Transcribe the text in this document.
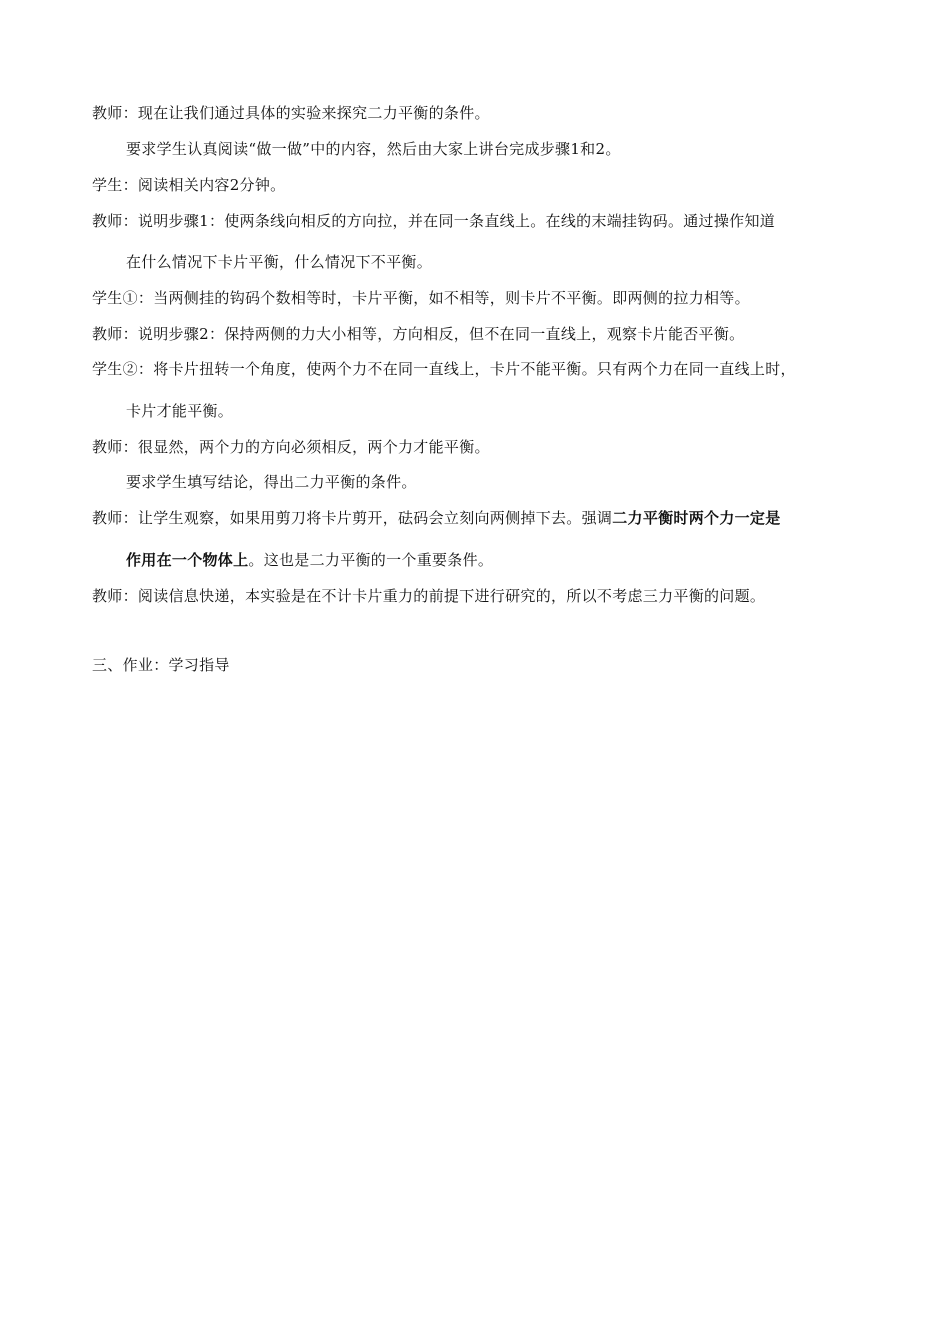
教师：现在让我们通过具体的实验来探究二力平衡的条件。
要求学生认真阅读“做一做”中的内容，然后由大家上讲台完成步骤1和2。
学生：阅读相关内容2分钟。
教师：说明步骤1：使两条线向相反的方向拉，并在同一条直线上。在线的末端挂钩码。通过操作知道
在什么情况下卡片平衡，什么情况下不平衡。
学生①：当两侧挂的钩码个数相等时，卡片平衡，如不相等，则卡片不平衡。即两侧的拉力相等。
教师：说明步骤2：保持两侧的力大小相等，方向相反，但不在同一直线上，观察卡片能否平衡。
学生②：将卡片扭转一个角度，使两个力不在同一直线上，卡片不能平衡。只有两个力在同一直线上时，
卡片才能平衡。
教师：很显然，两个力的方向必须相反，两个力才能平衡。
要求学生填写结论，得出二力平衡的条件。
教师：让学生观察，如果用剪刀将卡片剪开，砝码会立刻向两侧掉下去。强调二力平衡时两个力一定是
作用在一个物体上。这也是二力平衡的一个重要条件。
教师：阅读信息快递，本实验是在不计卡片重力的前提下进行研究的，所以不考虑三力平衡的问题。
三、作业：学习指导
